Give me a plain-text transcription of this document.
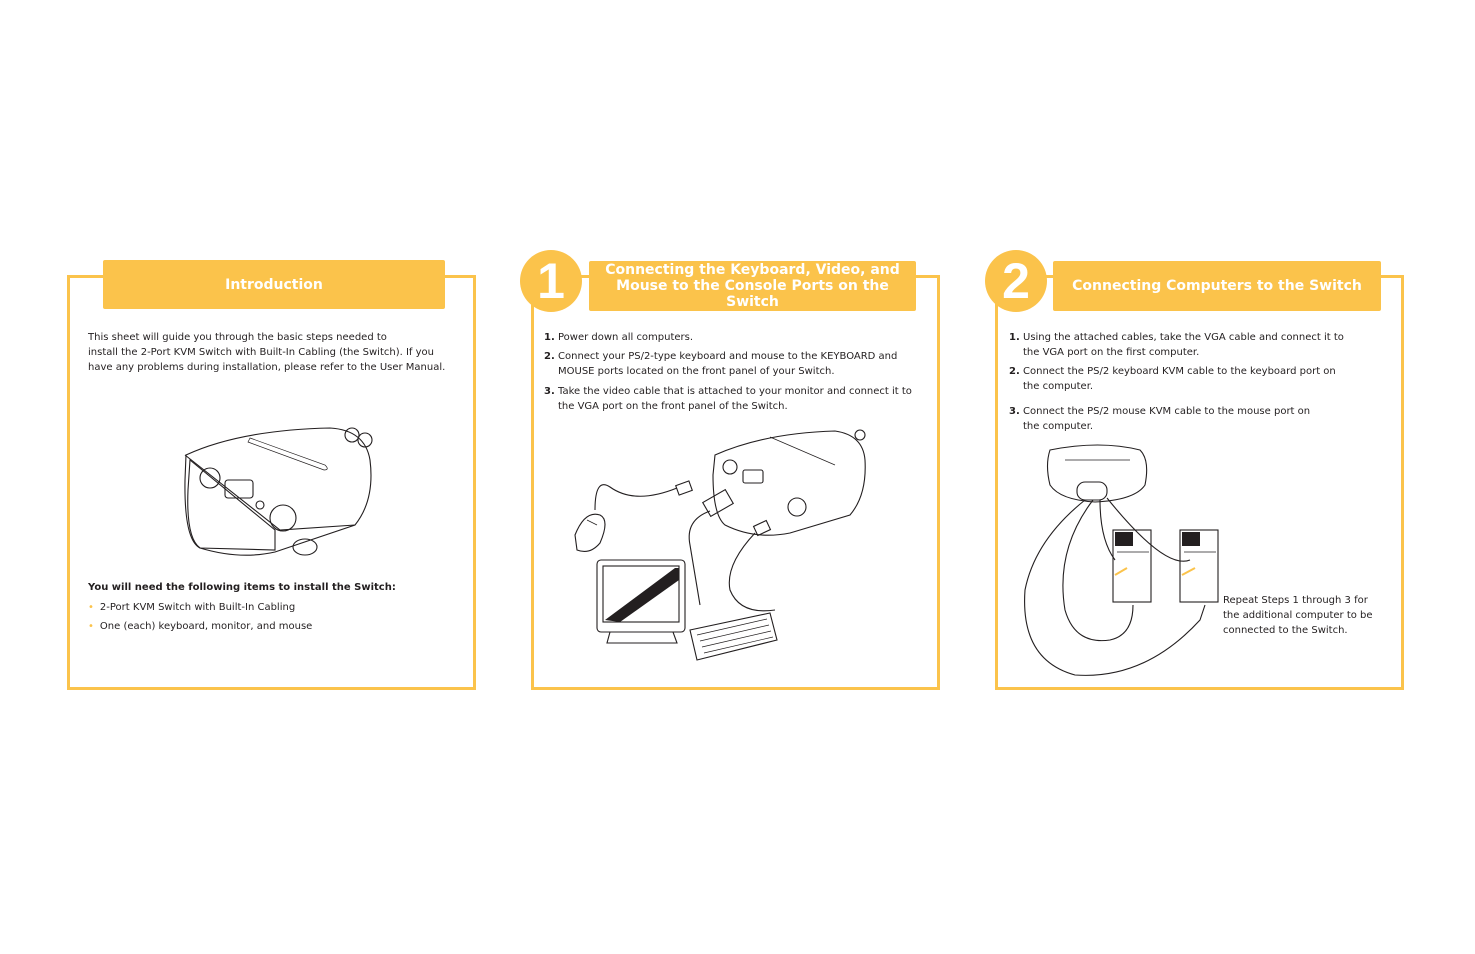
Introduction
Connecting the Keyboard, Video, and
Mouse to the Console Ports on the Switch
Connecting Computers to the Switch
1	2
This sheet will guide you through the basic steps needed to
install the 2-Port KVM Switch with Built-In Cabling (the Switch). If you
have any problems during installation, please refer to the User Manual.
You will need the following items to install the Switch:
• 2-Port KVM Switch with Built-In Cabling
• One (each) keyboard, monitor, and mouse
1. Power down all computers.
2. Connect your PS/2-type keyboard and mouse to the KEYBOARD and
MOUSE ports located on the front panel of your Switch.
3. Take the video cable that is attached to your monitor and connect it to
the VGA port on the front panel of the Switch.
1. Using the attached cables, take the VGA cable and connect it to
the VGA port on the first computer.
2. Connect the PS/2 keyboard KVM cable to the keyboard port on
the computer.
3. Connect the PS/2 mouse KVM cable to the mouse port on
the computer.
Repeat Steps 1 through 3 for
the additional computer to be
connected to the Switch.
